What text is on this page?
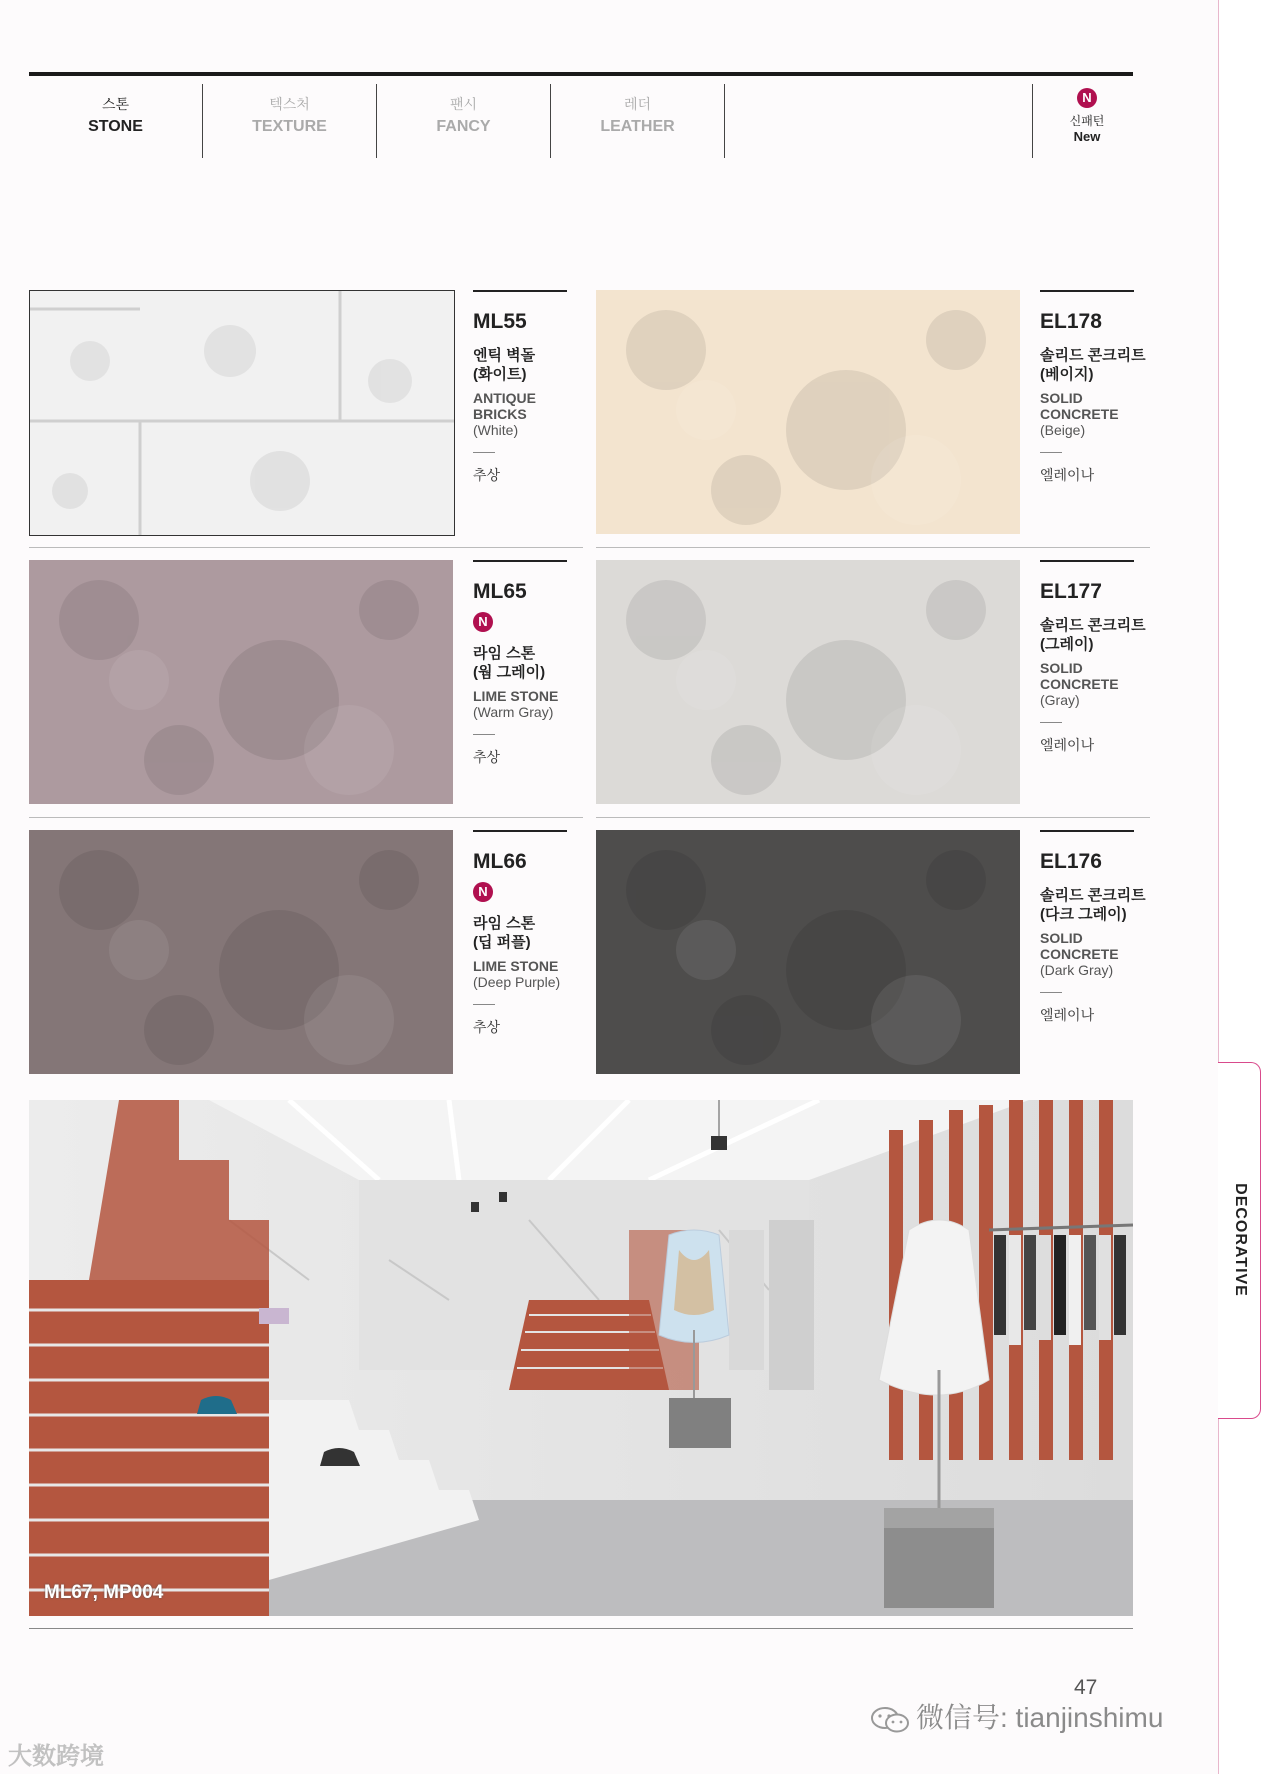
DECORATIVE
스톤
STONE
텍스처
TEXTURE
팬시
FANCY
레더
LEATHER
N
신패턴
New
ML55
엔틱 벽돌
(화이트)
ANTIQUE
BRICKS
(White)
추상
EL178
솔리드 콘크리트
(베이지)
SOLID
CONCRETE
(Beige)
엘레이나
ML65
N
라임 스톤
(웜 그레이)
LIME STONE
(Warm Gray)
추상
EL177
솔리드 콘크리트
(그레이)
SOLID
CONCRETE
(Gray)
엘레이나
ML66
N
라임 스톤
(딥 퍼플)
LIME STONE
(Deep Purple)
추상
EL176
솔리드 콘크리트
(다크 그레이)
SOLID
CONCRETE
(Dark Gray)
엘레이나
ML67, MP004
47
微信号: tianjinshimu
大数跨境
